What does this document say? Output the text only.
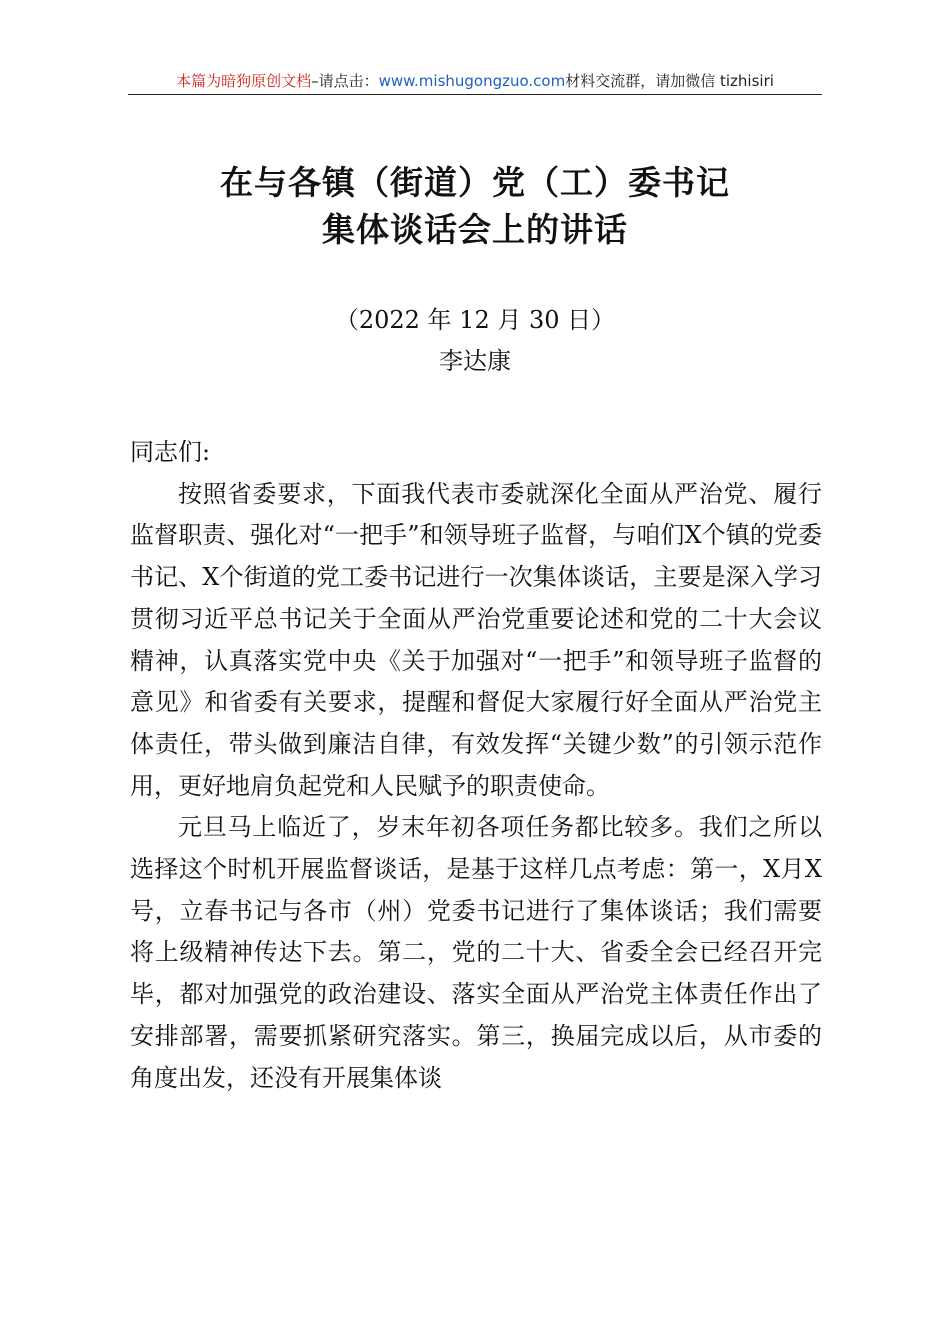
本篇为暗狗原创文档–请点击：www.mishugongzuo.com材料交流群，请加微信 tizhisiri
在与各镇（街道）党（工）委书记
集体谈话会上的讲话
（2022 年 12 月 30 日）
李达康

同志们:

按照省委要求，下面我代表市委就深化全面从严治党、履行监督职责、强化对“一把手”和领导班子监督，与咱们X个镇的党委书记、X个街道的党工委书记进行一次集体谈话，主要是深入学习贯彻习近平总书记关于全面从严治党重要论述和党的二十大会议精神，认真落实党中央《关于加强对“一把手”和领导班子监督的意见》和省委有关要求，提醒和督促大家履行好全面从严治党主体责任，带头做到廉洁自律，有效发挥“关键少数”的引领示范作用，更好地肩负起党和人民赋予的职责使命。

元旦马上临近了，岁末年初各项任务都比较多。我们之所以选择这个时机开展监督谈话，是基于这样几点考虑：第一，X月X号，立春书记与各市（州）党委书记进行了集体谈话；我们需要将上级精神传达下去。第二，党的二十大、省委全会已经召开完毕，都对加强党的政治建设、落实全面从严治党主体责任作出了安排部署，需要抓紧研究落实。第三，换届完成以后，从市委的角度出发，还没有开展集体谈
